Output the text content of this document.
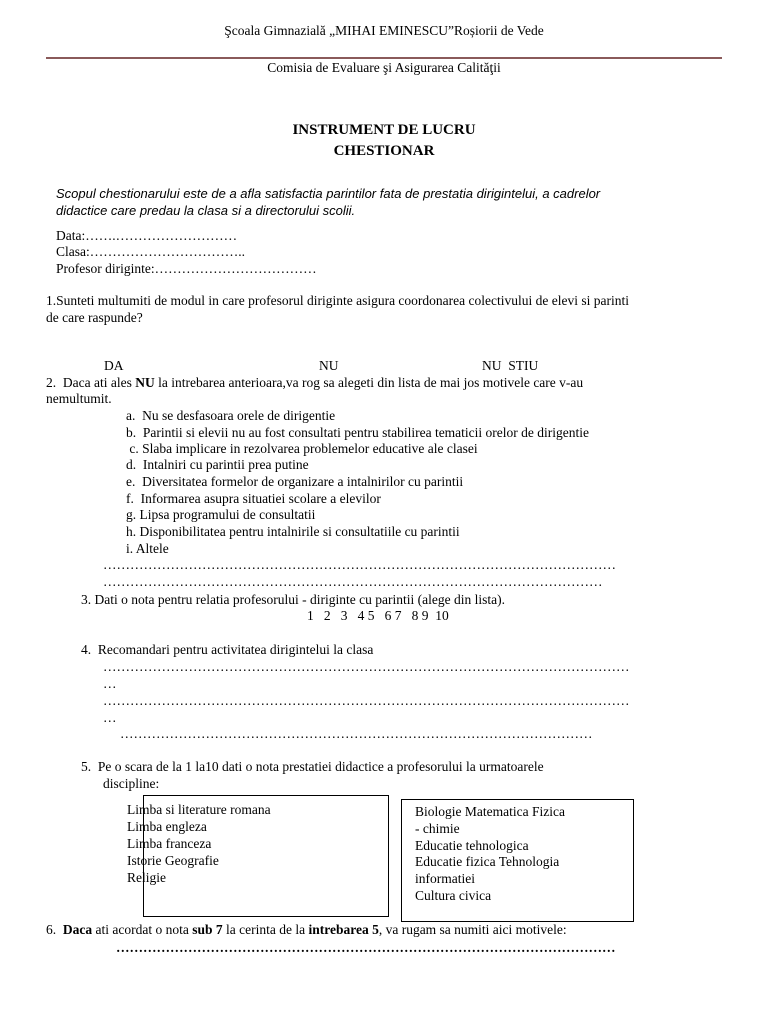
Şcoala Gimnazială „MIHAI EMINESCU”Roșiorii de Vede
Comisia de Evaluare şi Asigurarea Calităţii
INSTRUMENT DE LUCRU
CHESTIONAR
Scopul chestionarului este de a afla satisfactia parintilor fata de prestatia dirigintelui, a cadrelor
didactice care predau la clasa si a directorului scolii.
Data:…….………………………
Clasa:……………………………..
Profesor diriginte:………………………………
1.Sunteti multumiti de modul in care profesorul diriginte asigura coordonarea colectivului de elevi si parinti
de care raspunde?
DA	NU	NU  STIU
2.  Daca ati ales NU la intrebarea anterioara,va rog sa alegeti din lista de mai jos motivele care v-au
nemultumit.
a.  Nu se desfasoara orele de dirigentie
b.  Parintii si elevii nu au fost consultati pentru stabilirea tematicii orelor de dirigentie
c. Slaba implicare in rezolvarea problemelor educative ale clasei
d.  Intalniri cu parintii prea putine
e.  Diversitatea formelor de organizare a intalnirilor cu parintii
f.  Informarea asupra situatiei scolare a elevilor
g. Lipsa programului de consultatii
h. Disponibilitatea pentru intalnirile si consultatiile cu parintii
i. Altele
……………………………………………………………………………………………………
…………………………………………………………………………………………………
3. Dati o nota pentru relatia profesorului - diriginte cu parintii (alege din lista).
1   2   3   4 5   6 7   8 9  10
4.  Recomandari pentru activitatea dirigintelui la clasa
………………………………………………………………………………………………………
…
………………………………………………………………………………………………………
…
……………………………………………………………………………………………
5.  Pe o scara de la 1 la10 dati o nota prestatiei didactice a profesorului la urmatoarele
discipline:
Limba si literature romana
Limba engleza
Limba franceza
Istorie Geografie
Religie
Biologie Matematica Fizica
- chimie
Educatie tehnologica
Educatie fizica Tehnologia
informatiei
Cultura civica
6. Daca ati acordat o nota sub 7 la cerinta de la intrebarea 5, va rugam sa numiti aici motivele:
…………………………………………………………………………………………………
